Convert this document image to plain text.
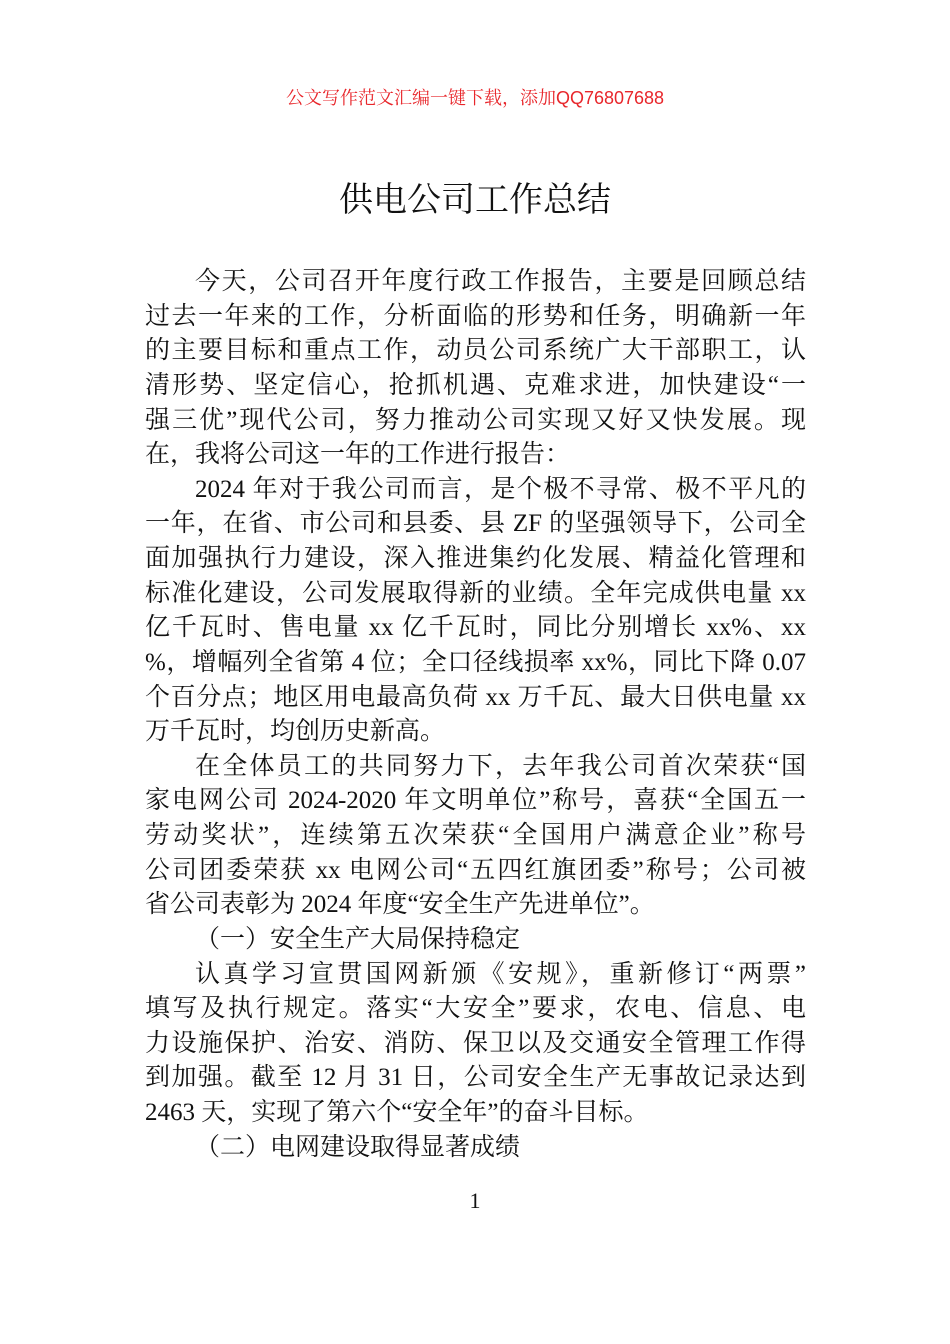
公文写作范文汇编一键下载，添加QQ76807688
供电公司工作总结
今天，公司召开年度行政工作报告，主要是回顾总结
过去一年来的工作，分析面临的形势和任务，明确新一年
的主要目标和重点工作，动员公司系统广大干部职工，认
清形势、坚定信心，抢抓机遇、克难求进，加快建设“一
强三优”现代公司，努力推动公司实现又好又快发展。现
在，我将公司这一年的工作进行报告：
2024 年对于我公司而言，是个极不寻常、极不平凡的
一年，在省、市公司和县委、县 ZF 的坚强领导下，公司全
面加强执行力建设，深入推进集约化发展、精益化管理和
标准化建设，公司发展取得新的业绩。全年完成供电量 xx
亿千瓦时、售电量 xx 亿千瓦时，同比分别增长 xx%、xx
%，增幅列全省第 4 位；全口径线损率 xx%，同比下降 0.07
个百分点；地区用电最高负荷 xx 万千瓦、最大日供电量 xx
万千瓦时，均创历史新高。
在全体员工的共同努力下，去年我公司首次荣获“国
家电网公司 2024-2020 年文明单位”称号，喜获“全国五一
劳动奖状”，连续第五次荣获“全国用户满意企业”称号
公司团委荣获 xx 电网公司“五四红旗团委”称号；公司被
省公司表彰为 2024 年度“安全生产先进单位”。
（一）安全生产大局保持稳定
认真学习宣贯国网新颁《安规》，重新修订“两票”
填写及执行规定。落实“大安全”要求，农电、信息、电
力设施保护、治安、消防、保卫以及交通安全管理工作得
到加强。截至 12 月 31 日，公司安全生产无事故记录达到
2463 天，实现了第六个“安全年”的奋斗目标。
（二）电网建设取得显著成绩
1
